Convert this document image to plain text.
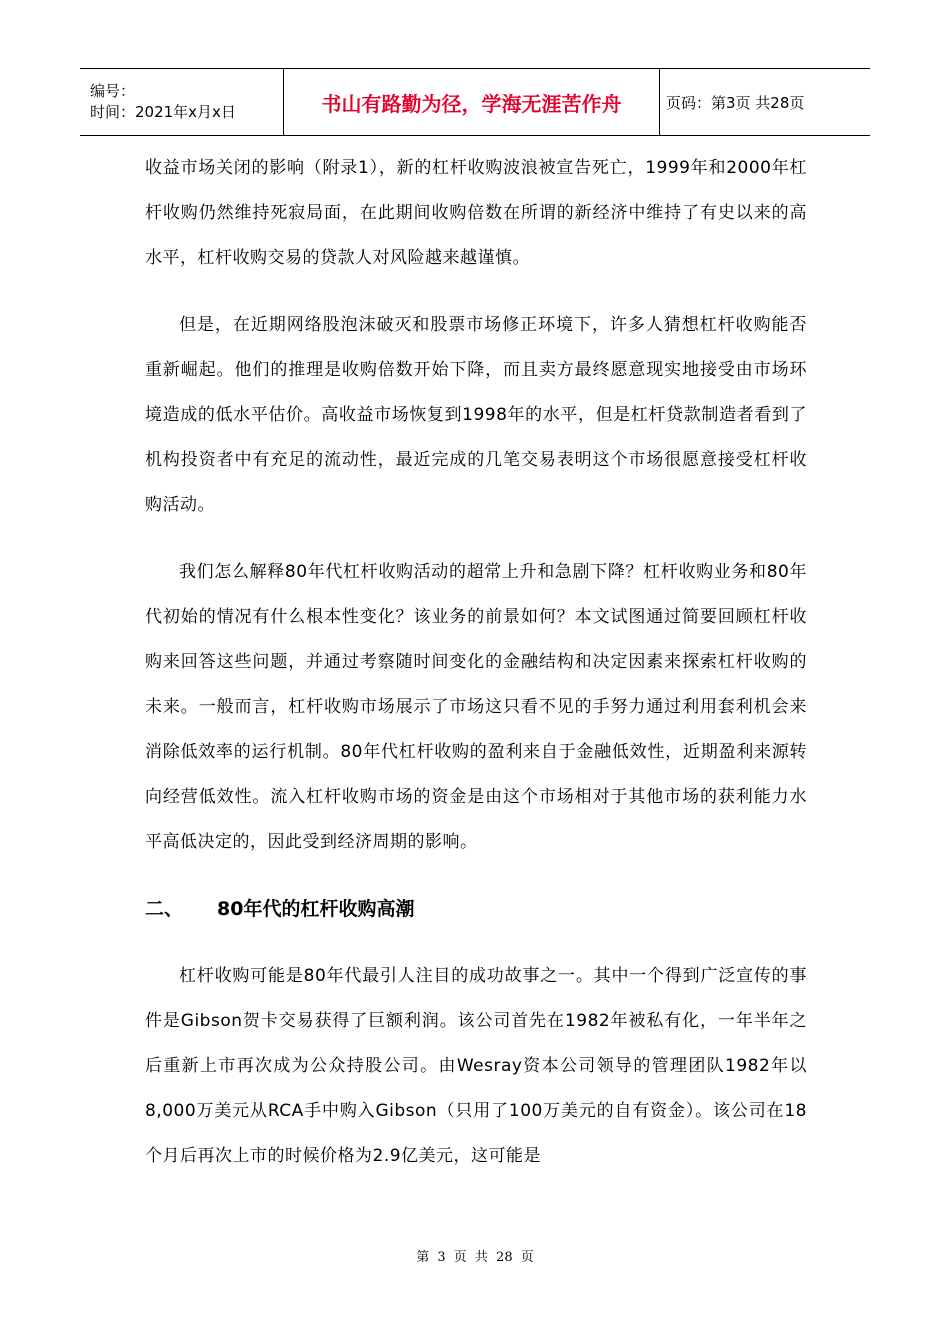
编号：
时间：2021年x月x日	书山有路勤为径，学海无涯苦作舟	页码：第3页 共28页

收益市场关闭的影响（附录1），新的杠杆收购波浪被宣告死亡，1999年和2000年杠杆收购仍然维持死寂局面，在此期间收购倍数在所谓的新经济中维持了有史以来的高水平，杠杆收购交易的贷款人对风险越来越谨慎。

但是，在近期网络股泡沫破灭和股票市场修正环境下，许多人猜想杠杆收购能否重新崛起。他们的推理是收购倍数开始下降，而且卖方最终愿意现实地接受由市场环境造成的低水平估价。高收益市场恢复到1998年的水平，但是杠杆贷款制造者看到了机构投资者中有充足的流动性，最近完成的几笔交易表明这个市场很愿意接受杠杆收购活动。

我们怎么解释80年代杠杆收购活动的超常上升和急剧下降？杠杆收购业务和80年代初始的情况有什么根本性变化？该业务的前景如何？本文试图通过简要回顾杠杆收购来回答这些问题，并通过考察随时间变化的金融结构和决定因素来探索杠杆收购的未来。一般而言，杠杆收购市场展示了市场这只看不见的手努力通过利用套利机会来消除低效率的运行机制。80年代杠杆收购的盈利来自于金融低效性，近期盈利来源转向经营低效性。流入杠杆收购市场的资金是由这个市场相对于其他市场的获利能力水平高低决定的，因此受到经济周期的影响。

二、 80年代的杠杆收购高潮

杠杆收购可能是80年代最引人注目的成功故事之一。其中一个得到广泛宣传的事件是Gibson贺卡交易获得了巨额利润。该公司首先在1982年被私有化，一年半年之后重新上市再次成为公众持股公司。由Wesray资本公司领导的管理团队1982年以8,000万美元从RCA手中购入Gibson（只用了100万美元的自有资金）。该公司在18个月后再次上市的时候价格为2.9亿美元，这可能是

第 3 页 共 28 页
